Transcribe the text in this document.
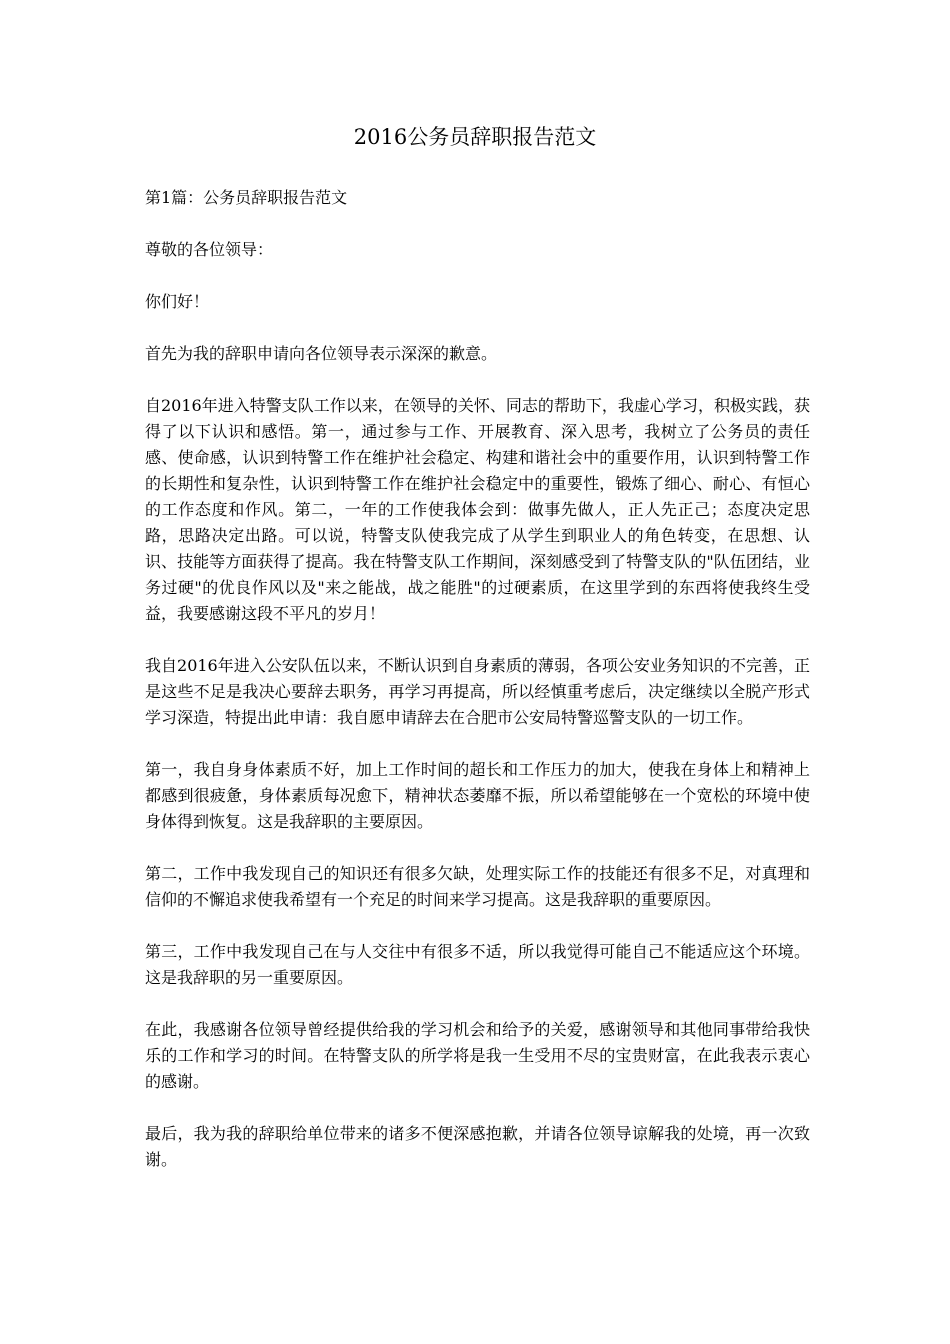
2016公务员辞职报告范文

第1篇：公务员辞职报告范文

尊敬的各位领导：

你们好！

首先为我的辞职申请向各位领导表示深深的歉意。

自2016年进入特警支队工作以来，在领导的关怀、同志的帮助下，我虚心学习，积极实践，获得了以下认识和感悟。第一，通过参与工作、开展教育、深入思考，我树立了公务员的责任感、使命感，认识到特警工作在维护社会稳定、构建和谐社会中的重要作用，认识到特警工作的长期性和复杂性，认识到特警工作在维护社会稳定中的重要性，锻炼了细心、耐心、有恒心的工作态度和作风。第二，一年的工作使我体会到：做事先做人，正人先正己；态度决定思路，思路决定出路。可以说，特警支队使我完成了从学生到职业人的角色转变，在思想、认识、技能等方面获得了提高。我在特警支队工作期间，深刻感受到了特警支队的"队伍团结，业务过硬"的优良作风以及"来之能战，战之能胜"的过硬素质，在这里学到的东西将使我终生受益，我要感谢这段不平凡的岁月！

我自2016年进入公安队伍以来，不断认识到自身素质的薄弱，各项公安业务知识的不完善，正是这些不足是我决心要辞去职务，再学习再提高，所以经慎重考虑后，决定继续以全脱产形式学习深造，特提出此申请：我自愿申请辞去在合肥市公安局特警巡警支队的一切工作。

第一，我自身身体素质不好，加上工作时间的超长和工作压力的加大，使我在身体上和精神上都感到很疲惫，身体素质每况愈下，精神状态萎靡不振，所以希望能够在一个宽松的环境中使身体得到恢复。这是我辞职的主要原因。

第二，工作中我发现自己的知识还有很多欠缺，处理实际工作的技能还有很多不足，对真理和信仰的不懈追求使我希望有一个充足的时间来学习提高。这是我辞职的重要原因。

第三，工作中我发现自己在与人交往中有很多不适，所以我觉得可能自己不能适应这个环境。这是我辞职的另一重要原因。

在此，我感谢各位领导曾经提供给我的学习机会和给予的关爱，感谢领导和其他同事带给我快乐的工作和学习的时间。在特警支队的所学将是我一生受用不尽的宝贵财富，在此我表示衷心的感谢。

最后，我为我的辞职给单位带来的诸多不便深感抱歉，并请各位领导谅解我的处境，再一次致谢。
